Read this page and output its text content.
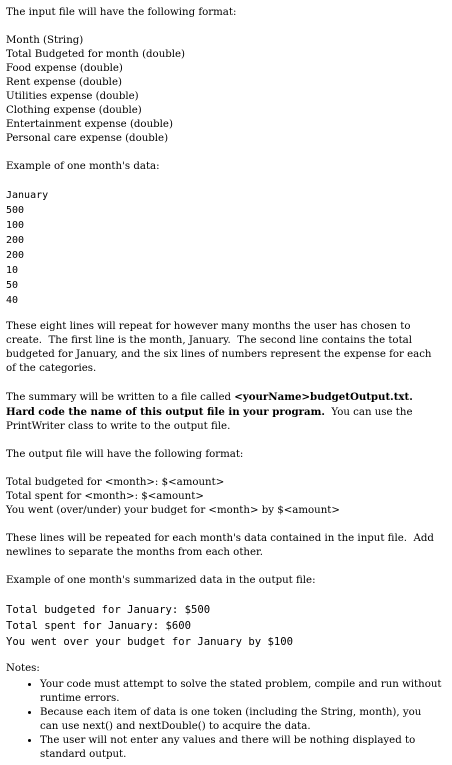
The input file will have the following format:

Month (String)

Total Budgeted for month (double)

Food expense (double)

Rent expense (double)

Utilities expense (double)

Clothing expense (double)

Entertainment expense (double)

Personal care expense (double)

Example of one month's data:

January

500

100

200

200

10

50

40

These eight lines will repeat for however many months the user has chosen to create.  The first line is the month, January.  The second line contains the total budgeted for January, and the six lines of numbers represent the expense for each of the categories.

The summary will be written to a file called <yourName>budgetOutput.txt.  Hard code the name of this output file in your program.  You can use the PrintWriter class to write to the output file.

The output file will have the following format:

Total budgeted for <month>: $<amount>

Total spent for <month>: $<amount>

You went (over/under) your budget for <month> by $<amount>

These lines will be repeated for each month's data contained in the input file.  Add newlines to separate the months from each other.

Example of one month's summarized data in the output file:

Total budgeted for January: $500

Total spent for January: $600

You went over your budget for January by $100

Notes:

• Your code must attempt to solve the stated problem, compile and run without runtime errors.
• Because each item of data is one token (including the String, month), you can use next() and nextDouble() to acquire the data.
• The user will not enter any values and there will be nothing displayed to standard output.
